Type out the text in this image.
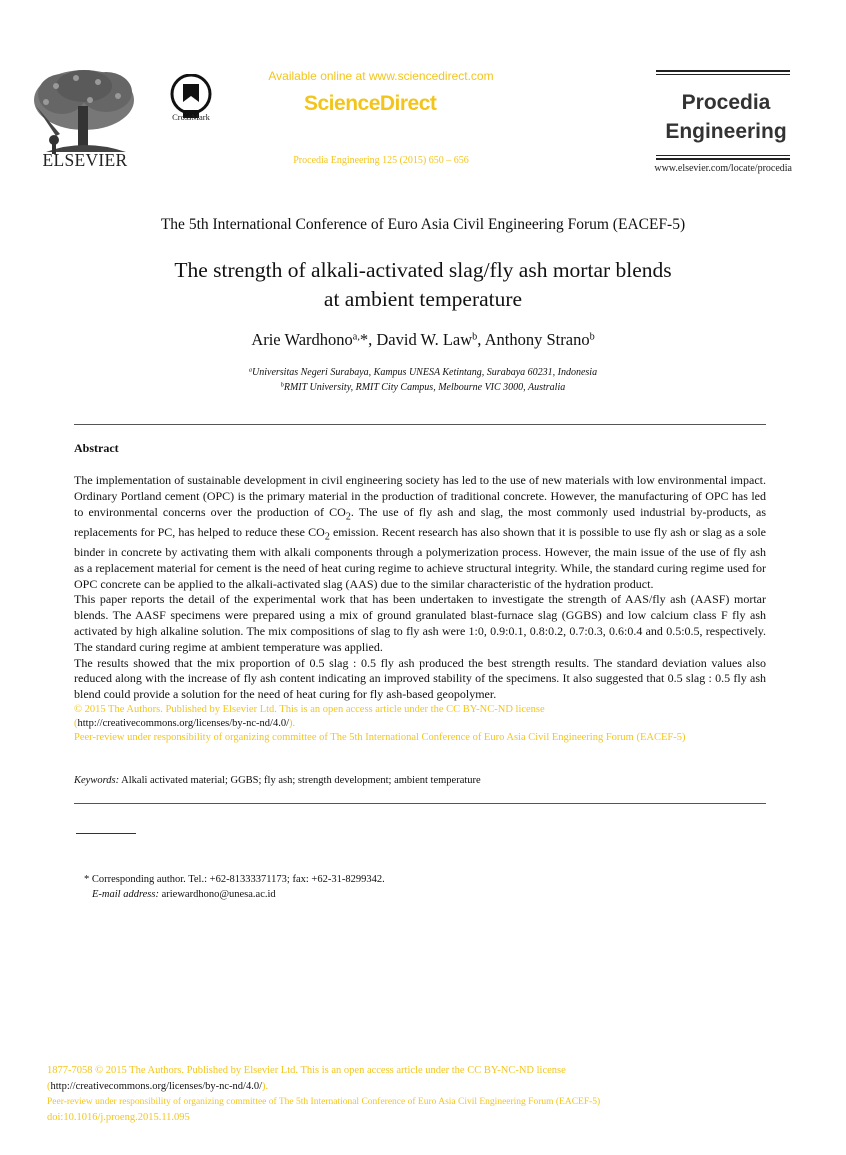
ELSEVIER
CrossMark
Available online at www.sciencedirect.com
ScienceDirect
Procedia Engineering 125 (2015) 650 – 656
Procedia
Engineering
www.elsevier.com/locate/procedia
The 5th International Conference of Euro Asia Civil Engineering Forum (EACEF-5)
The strength of alkali-activated slag/fly ash mortar blends
at ambient temperature
Arie Wardhono$^{a,}$*, David W. Law$^b$, Anthony Strano$^b$
$^a$Universitas Negeri Surabaya, Kampus UNESA Ketintang, Surabaya 60231, Indonesia
$^b$RMIT University, RMIT City Campus, Melbourne VIC 3000, Australia
Abstract

The implementation of sustainable development in civil engineering society has led to the use of new materials with low environmental impact. Ordinary Portland cement (OPC) is the primary material in the production of traditional concrete. However, the manufacturing of OPC has led to environmental concerns over the production of $CO_2$. The use of fly ash and slag, the most commonly used industrial by-products, as replacements for PC, has helped to reduce these $CO_2$ emission. Recent research has also shown that it is possible to use fly ash or slag as a sole binder in concrete by activating them with alkali components through a polymerization process. However, the main issue of the use of fly ash as a replacement material for cement is the need of heat curing regime to achieve structural integrity. While, the standard curing regime used for OPC concrete can be applied to the alkali-activated slag (AAS) due to the similar characteristic of the hydration product.

This paper reports the detail of the experimental work that has been undertaken to investigate the strength of AAS/fly ash (AASF) mortar blends. The AASF specimens were prepared using a mix of ground granulated blast-furnace slag (GGBS) and low calcium class F fly ash activated by high alkaline solution. The mix compositions of slag to fly ash were 1:0, 0.9:0.1, 0.8:0.2, 0.7:0.3, 0.6:0.4 and 0.5:0.5, respectively. The standard curing regime at ambient temperature was applied.

The results showed that the mix proportion of 0.5 slag : 0.5 fly ash produced the best strength results. The standard deviation values also reduced along with the increase of fly ash content indicating an improved stability of the specimens. It also suggested that 0.5 slag : 0.5 fly ash blend could provide a solution for the need of heat curing for fly ash-based geopolymer.

© 2015 The Authors. Published by Elsevier Ltd. This is an open access article under the CC BY-NC-ND license
(http://creativecommons.org/licenses/by-nc-nd/4.0/).
Peer-review under responsibility of organizing committee of The 5th International Conference of Euro Asia Civil Engineering Forum (EACEF-5)

Keywords: Alkali activated material; GGBS; fly ash; strength development; ambient temperature
* Corresponding author. Tel.: +62-81333371173; fax: +62-31-8299342.
E-mail address: ariewardhono@unesa.ac.id
1877-7058 © 2015 The Authors. Published by Elsevier Ltd. This is an open access article under the CC BY-NC-ND license
(http://creativecommons.org/licenses/by-nc-nd/4.0/).
Peer-review under responsibility of organizing committee of The 5th International Conference of Euro Asia Civil Engineering Forum (EACEF-5)
doi:10.1016/j.proeng.2015.11.095
